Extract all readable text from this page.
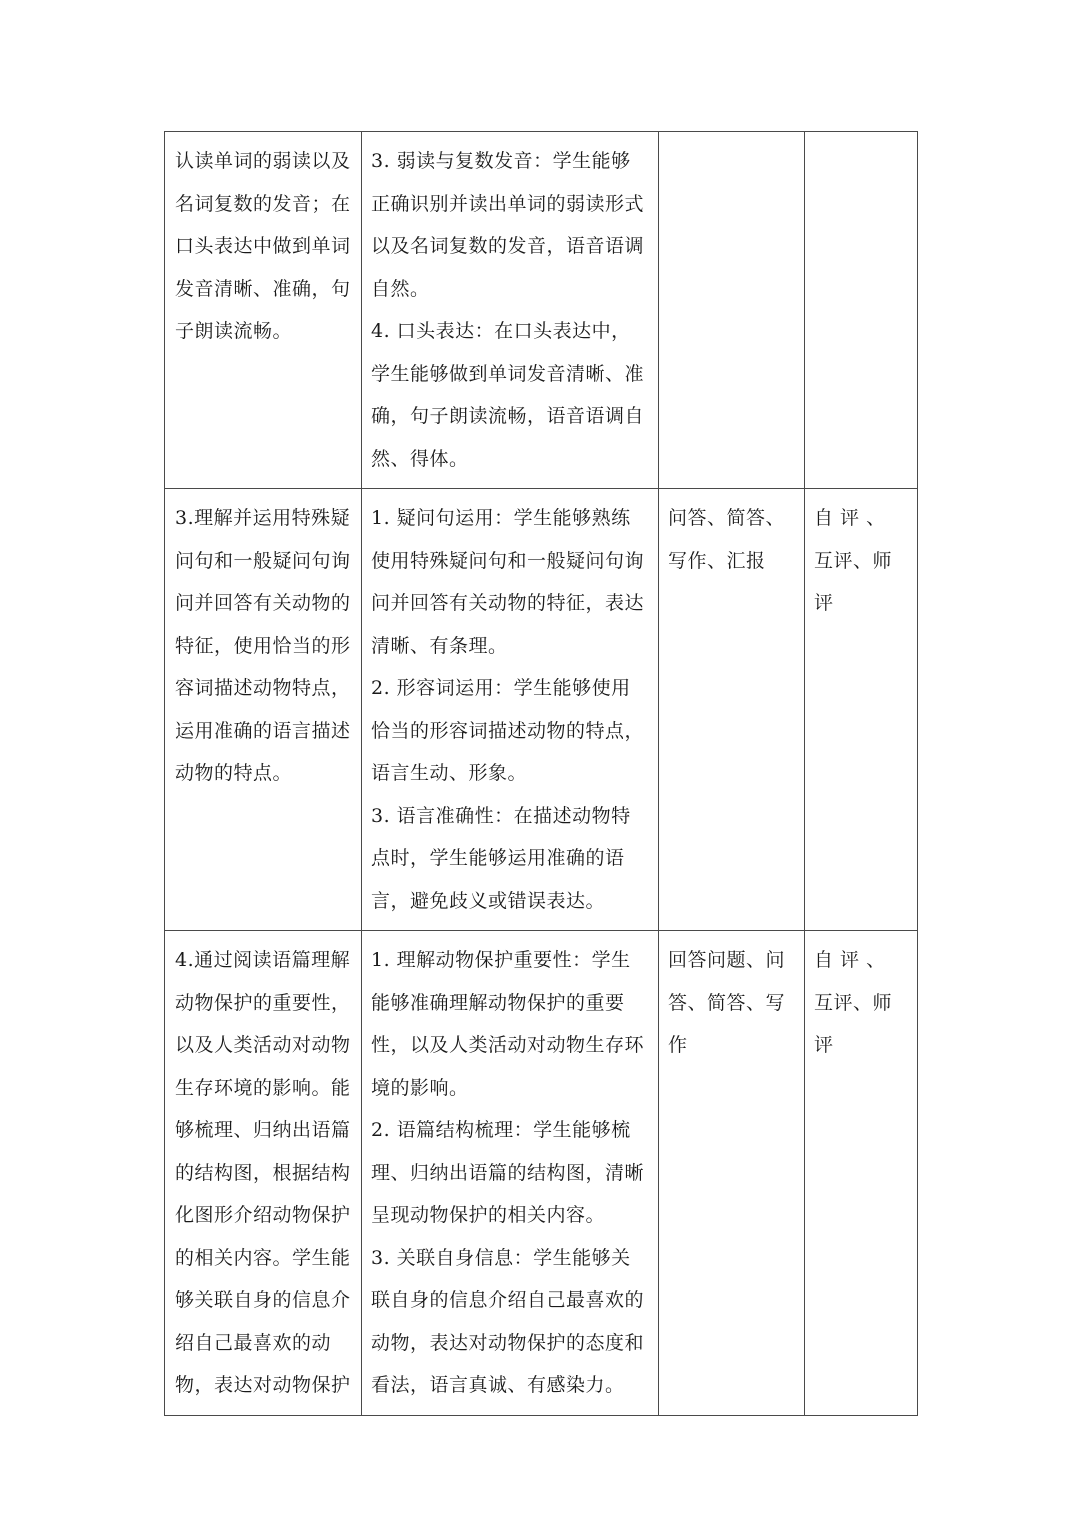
认读单词的弱读以及名词复数的发音；在口头表达中做到单词发音清晰、准确，句子朗读流畅。	3. 弱读与复数发音：学生能够正确识别并读出单词的弱读形式以及名词复数的发音，语音语调自然。
4. 口头表达：在口头表达中，学生能够做到单词发音清晰、准确，句子朗读流畅，语音语调自然、得体。		

3.理解并运用特殊疑问句和一般疑问句询问并回答有关动物的特征，使用恰当的形容词描述动物特点，运用准确的语言描述动物的特点。	1. 疑问句运用：学生能够熟练使用特殊疑问句和一般疑问句询问并回答有关动物的特征，表达清晰、有条理。
2. 形容词运用：学生能够使用恰当的形容词描述动物的特点，语言生动、形象。
3. 语言准确性：在描述动物特点时，学生能够运用准确的语言，避免歧义或错误表达。	问答、简答、写作、汇报	自 评 、 互评、师评

4.通过阅读语篇理解动物保护的重要性，以及人类活动对动物生存环境的影响。能够梳理、归纳出语篇的结构图，根据结构化图形介绍动物保护的相关内容。学生能够关联自身的信息介绍自己最喜欢的动物，表达对动物保护	1. 理解动物保护重要性：学生能够准确理解动物保护的重要性，以及人类活动对动物生存环境的影响。
2. 语篇结构梳理：学生能够梳理、归纳出语篇的结构图，清晰呈现动物保护的相关内容。
3. 关联自身信息：学生能够关联自身的信息介绍自己最喜欢的动物，表达对动物保护的态度和看法，语言真诚、有感染力。	回答问题、问答、简答、写作	自 评 、 互评、师评
